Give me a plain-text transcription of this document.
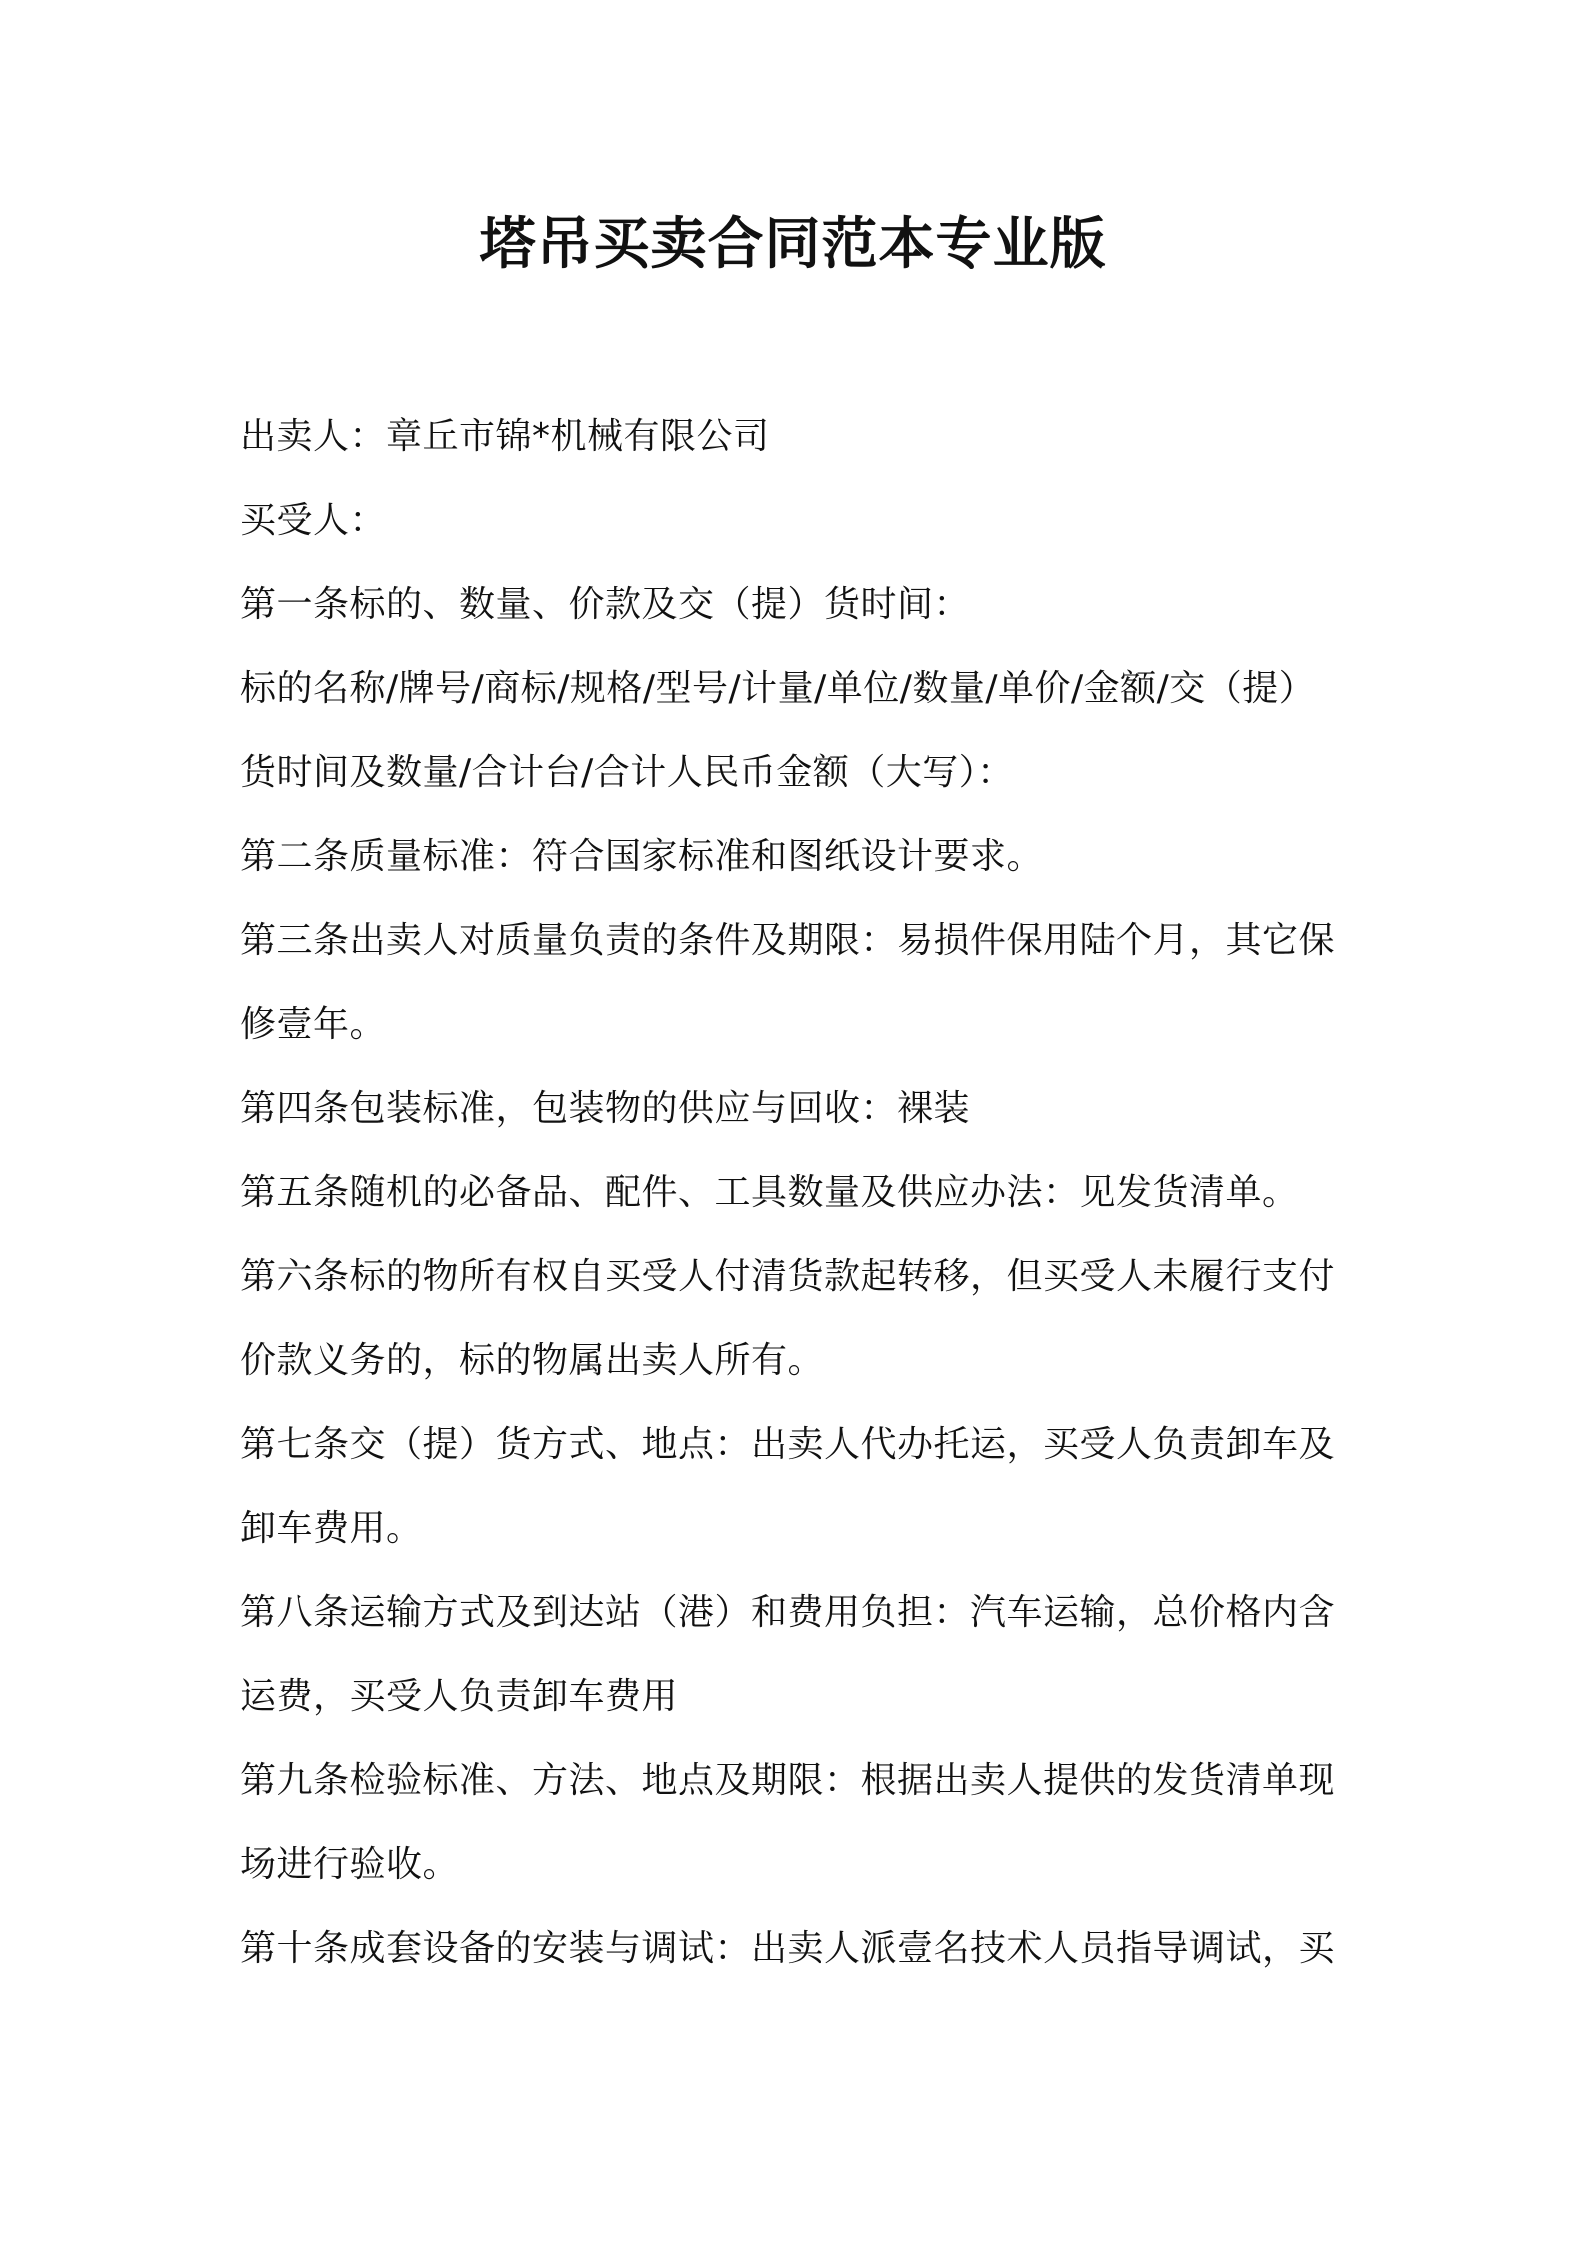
塔吊买卖合同范本专业版
出卖人：章丘市锦*机械有限公司
买受人：
第一条标的、数量、价款及交（提）货时间：
标的名称/牌号/商标/规格/型号/计量/单位/数量/单价/金额/交（提）
货时间及数量/合计台/合计人民币金额（大写）：
第二条质量标准：符合国家标准和图纸设计要求。
第三条出卖人对质量负责的条件及期限：易损件保用陆个月，其它保
修壹年。
第四条包装标准，包装物的供应与回收：裸装
第五条随机的必备品、配件、工具数量及供应办法：见发货清单。
第六条标的物所有权自买受人付清货款起转移，但买受人未履行支付
价款义务的，标的物属出卖人所有。
第七条交（提）货方式、地点：出卖人代办托运，买受人负责卸车及
卸车费用。
第八条运输方式及到达站（港）和费用负担：汽车运输，总价格内含
运费，买受人负责卸车费用
第九条检验标准、方法、地点及期限：根据出卖人提供的发货清单现
场进行验收。
第十条成套设备的安装与调试：出卖人派壹名技术人员指导调试，买
